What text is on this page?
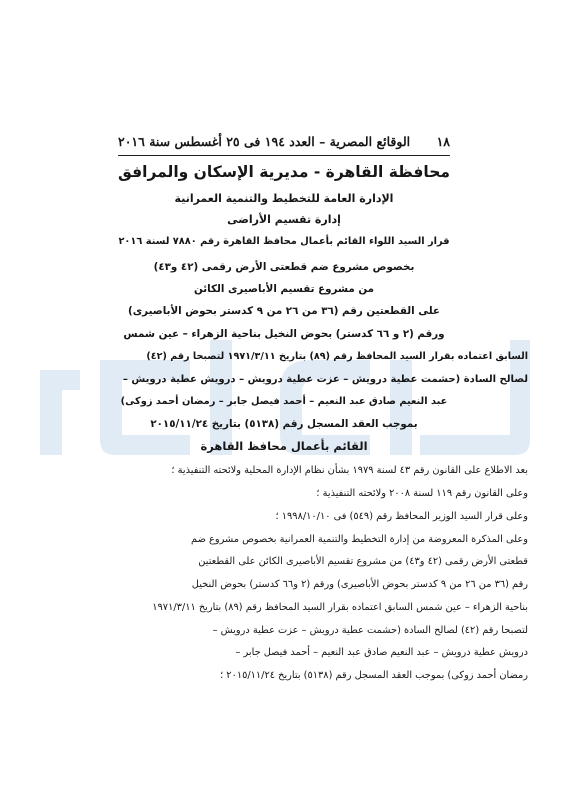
١٨
الوقائع المصرية – العدد ١٩٤ فى ٢٥ أغسطس سنة ٢٠١٦
محافظة القاهرة - مديرية الإسكان والمرافق
الإدارة العامة للتخطيط والتنمية العمرانية
إدارة تقسيم الأراضى
قرار السيد اللواء القائم بأعمال محافظ القاهرة رقم ٧٨٨٠ لسنة ٢٠١٦
بخصوص مشروع ضم قطعتى الأرض رقمى (٤٢ و٤٣)
من مشروع تقسيم الأباصيرى الكائن
على القطعتين رقم (٣٦ من ٢٦ من ٩ كدستر بحوض الأباصيرى)
ورقم (٢ و ٦٦ كدستر) بحوض النخيل بناحية الزهراء – عين شمس
السابق اعتماده بقرار السيد المحافظ رقم (٨٩) بتاريخ ١٩٧١/٣/١١ لتصبحا رقم (٤٢)
لصالح السادة (حشمت عطية درويش – عزت عطية درويش – درويش عطية درويش –
عبد النعيم صادق عبد النعيم – أحمد فيصل جابر – رمضان أحمد زوكى)
بموجب العقد المسجل رقم (٥١٣٨) بتاريخ ٢٠١٥/١١/٢٤
القائم بأعمال محافظ القاهرة
بعد الاطلاع على القانون رقم ٤٣ لسنة ١٩٧٩ بشأن نظام الإدارة المحلية ولائحته التنفيذية ؛
وعلى القانون رقم ١١٩ لسنة ٢٠٠٨ ولائحته التنفيذية ؛
وعلى قرار السيد الوزير المحافظ رقم (٥٤٩) فى ١٩٩٨/١٠/١٠ ؛
وعلى المذكرة المعروضة من إدارة التخطيط والتنمية العمرانية بخصوص مشروع ضم
قطعتى الأرض رقمى (٤٢ و٤٣) من مشروع تقسيم الأباصيرى الكائن على القطعتين
رقم (٣٦ من ٢٦ من ٩ كدستر بحوض الأباصيرى) ورقم (٢ و٦٦ كدستر) بحوض النخيل
بناحية الزهراء – عين شمس السابق اعتماده بقرار السيد المحافظ رقم (٨٩) بتاريخ ١٩٧١/٣/١١
لتصبحا رقم (٤٢) لصالح السادة (حشمت عطية درويش – عزت عطية درويش –
درويش عطية درويش – عبد النعيم صادق عبد النعيم – أحمد فيصل جابر –
رمضان أحمد زوكى) بموجب العقد المسجل رقم (٥١٣٨) بتاريخ ٢٠١٥/١١/٢٤ ؛
